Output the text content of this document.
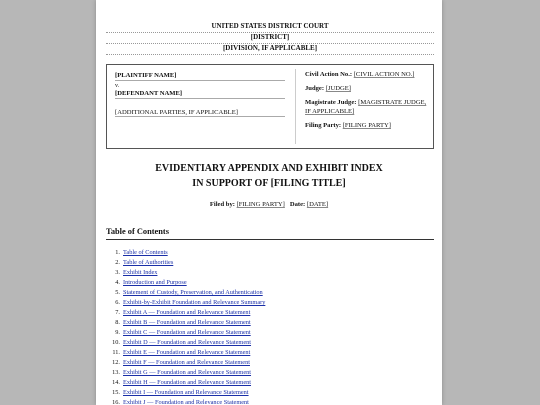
UNITED STATES DISTRICT COURT
[DISTRICT]
[DIVISION, IF APPLICABLE]
[PLAINTIFF NAME]
v.
[DEFENDANT NAME]
[ADDITIONAL PARTIES, IF APPLICABLE]

Civil Action No.: [CIVIL ACTION NO.]

Judge: [JUDGE]

Magistrate Judge: [MAGISTRATE JUDGE, IF APPLICABLE]

Filing Party: [FILING PARTY]

EVIDENTIARY APPENDIX AND EXHIBIT INDEX
IN SUPPORT OF [FILING TITLE]
Filed by: [FILING PARTY] Date: [DATE]
Table of Contents
1. Table of Contents
2. Table of Authorities
3. Exhibit Index
4. Introduction and Purpose
5. Statement of Custody, Preservation, and Authentication
6. Exhibit-by-Exhibit Foundation and Relevance Summary
7. Exhibit A — Foundation and Relevance Statement
8. Exhibit B — Foundation and Relevance Statement
9. Exhibit C — Foundation and Relevance Statement
10. Exhibit D — Foundation and Relevance Statement
11. Exhibit E — Foundation and Relevance Statement
12. Exhibit F — Foundation and Relevance Statement
13. Exhibit G — Foundation and Relevance Statement
14. Exhibit H — Foundation and Relevance Statement
15. Exhibit I — Foundation and Relevance Statement
16. Exhibit J — Foundation and Relevance Statement
